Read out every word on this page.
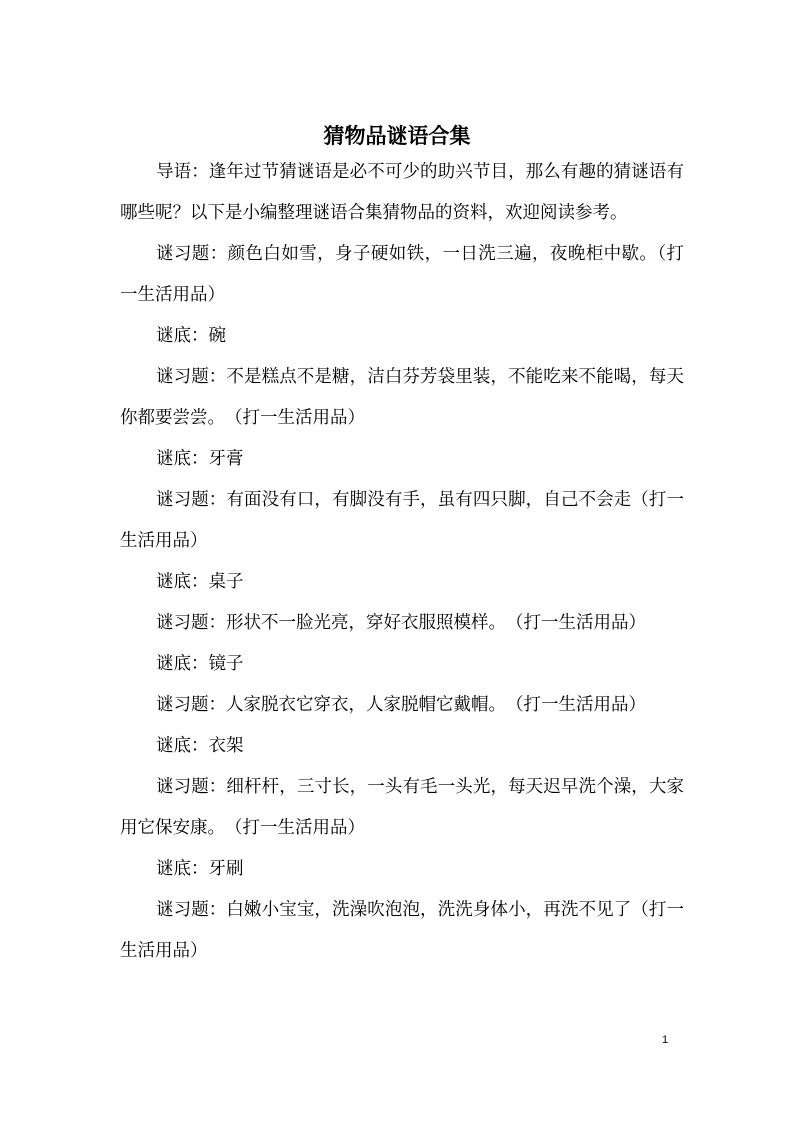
猜物品谜语合集

导语：逢年过节猜谜语是必不可少的助兴节目，那么有趣的猜谜语有哪些呢？以下是小编整理谜语合集猜物品的资料，欢迎阅读参考。

谜习题：颜色白如雪，身子硬如铁，一日洗三遍，夜晚柜中歇。（打一生活用品）

谜底：碗

谜习题：不是糕点不是糖，洁白芬芳袋里装，不能吃来不能喝，每天你都要尝尝。　（打一生活用品）

谜底：牙膏

谜习题：有面没有口，有脚没有手，虽有四只脚，自己不会走（打一生活用品）

谜底：桌子

谜习题：形状不一脸光亮，穿好衣服照模样。　（打一生活用品）

谜底：镜子

谜习题：人家脱衣它穿衣，人家脱帽它戴帽。　（打一生活用品）

谜底：衣架

谜习题：细杆杆，三寸长，一头有毛一头光，每天迟早洗个澡，大家用它保安康。　（打一生活用品）

谜底：牙刷

谜习题：白嫩小宝宝，洗澡吹泡泡，洗洗身体小，再洗不见了（打一生活用品）

1
